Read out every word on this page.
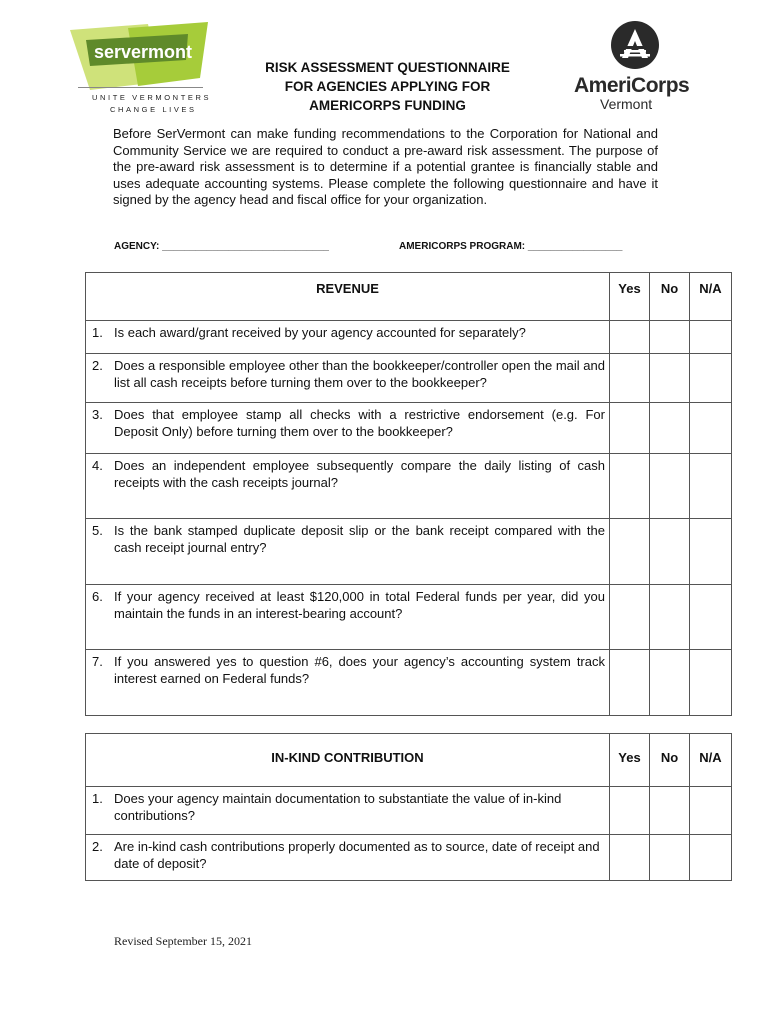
servermont
UNITE VERMONTERS
CHANGE LIVES
RISK ASSESSMENT QUESTIONNAIRE
FOR AGENCIES APPLYING FOR
AMERICORPS FUNDING
AmeriCorps
Vermont
Before SerVermont can make funding recommendations to the Corporation for National and Community Service we are required to conduct a pre-award risk assessment. The purpose of the pre-award risk assessment is to determine if a potential grantee is financially stable and uses adequate accounting systems. Please complete the following questionnaire and have it signed by the agency head and fiscal office for your organization.
AGENCY: ______________________________	AMERICORPS PROGRAM: _________________
REVENUE	Yes	No	N/A

1. Is each award/grant received by your agency accounted for separately?			

2. Does a responsible employee other than the bookkeeper/controller open the mail and list all cash receipts before turning them over to the bookkeeper?			

3. Does that employee stamp all checks with a restrictive endorsement (e.g. For Deposit Only) before turning them over to the bookkeeper?			

4. Does an independent employee subsequently compare the daily listing of cash receipts with the cash receipts journal?			

5. Is the bank stamped duplicate deposit slip or the bank receipt compared with the cash receipt journal entry?			

6. If your agency received at least $120,000 in total Federal funds per year, did you maintain the funds in an interest-bearing account?			

7. If you answered yes to question #6, does your agency’s accounting system track interest earned on Federal funds?			

IN-KIND CONTRIBUTION	Yes	No	N/A

1. Does your agency maintain documentation to substantiate the value of in-kind contributions?			

2. Are in-kind cash contributions properly documented as to source, date of receipt and date of deposit?			

Revised September 15, 2021
